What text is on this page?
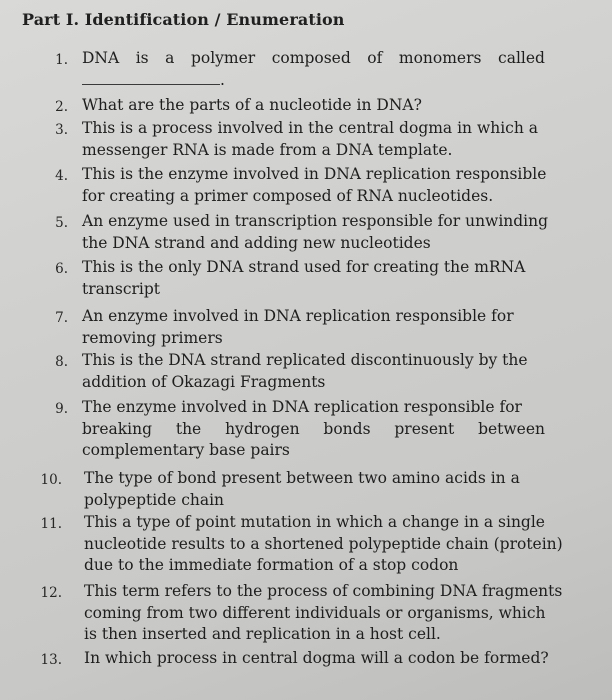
Part I. Identification / Enumeration
1. DNA is a polymer composed of monomers called
.
2. What are the parts of a nucleotide in DNA?
3. This is a process involved in the central dogma in which a
messenger RNA is made from a DNA template.
4. This is the enzyme involved in DNA replication responsible
for creating a primer composed of RNA nucleotides.
5. An enzyme used in transcription responsible for unwinding
the DNA strand and adding new nucleotides
6. This is the only DNA strand used for creating the mRNA
transcript
7. An enzyme involved in DNA replication responsible for
removing primers
8. This is the DNA strand replicated discontinuously by the
addition of Okazagi Fragments
9. The enzyme involved in DNA replication responsible for
breaking the hydrogen bonds present between
complementary base pairs
10. The type of bond present between two amino acids in a
polypeptide chain
11. This a type of point mutation in which a change in a single
nucleotide results to a shortened polypeptide chain (protein)
due to the immediate formation of a stop codon
12. This term refers to the process of combining DNA fragments
coming from two different individuals or organisms, which
is then inserted and replication in a host cell.
13. In which process in central dogma will a codon be formed?
